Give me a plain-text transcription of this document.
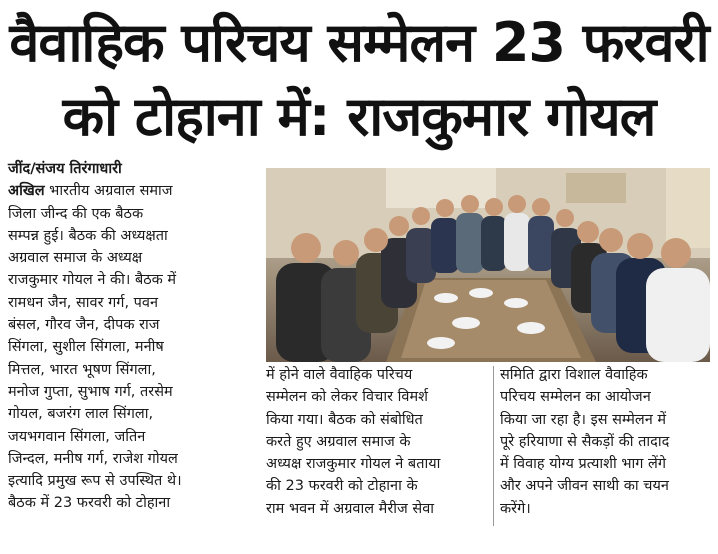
वैवाहिक परिचय सम्मेलन 23 फरवरी
को टोहाना में: राजकुमार गोयल

जींद/संजय तिरंगाधारी

अखिल भारतीय अग्रवाल समाज

जिला जीन्द की एक बैठक

सम्पन्न हुई। बैठक की अध्यक्षता

अग्रवाल समाज के अध्यक्ष

राजकुमार गोयल ने की। बैठक में

रामधन जैन, सावर गर्ग, पवन

बंसल, गौरव जैन, दीपक राज

सिंगला, सुशील सिंगला, मनीष

मित्तल, भारत भूषण सिंगला,

मनोज गुप्ता, सुभाष गर्ग, तरसेम

गोयल, बजरंग लाल सिंगला,

जयभगवान सिंगला, जतिन

जिन्दल, मनीष गर्ग, राजेश गोयल

इत्यादि प्रमुख रूप से उपस्थित थे।

बैठक में 23 फरवरी को टोहाना

में होने वाले वैवाहिक परिचय

सम्मेलन को लेकर विचार विमर्श

किया गया। बैठक को संबोधित

करते हुए अग्रवाल समाज के

अध्यक्ष राजकुमार गोयल ने बताया

की 23 फरवरी को टोहाना के

राम भवन में अग्रवाल मैरीज सेवा

समिति द्वारा विशाल वैवाहिक

परिचय सम्मेलन का आयोजन

किया जा रहा है। इस सम्मेलन में

पूरे हरियाणा से सैकड़ों की तादाद

में विवाह योग्य प्रत्याशी भाग लेंगे

और अपने जीवन साथी का चयन

करेंगे।
